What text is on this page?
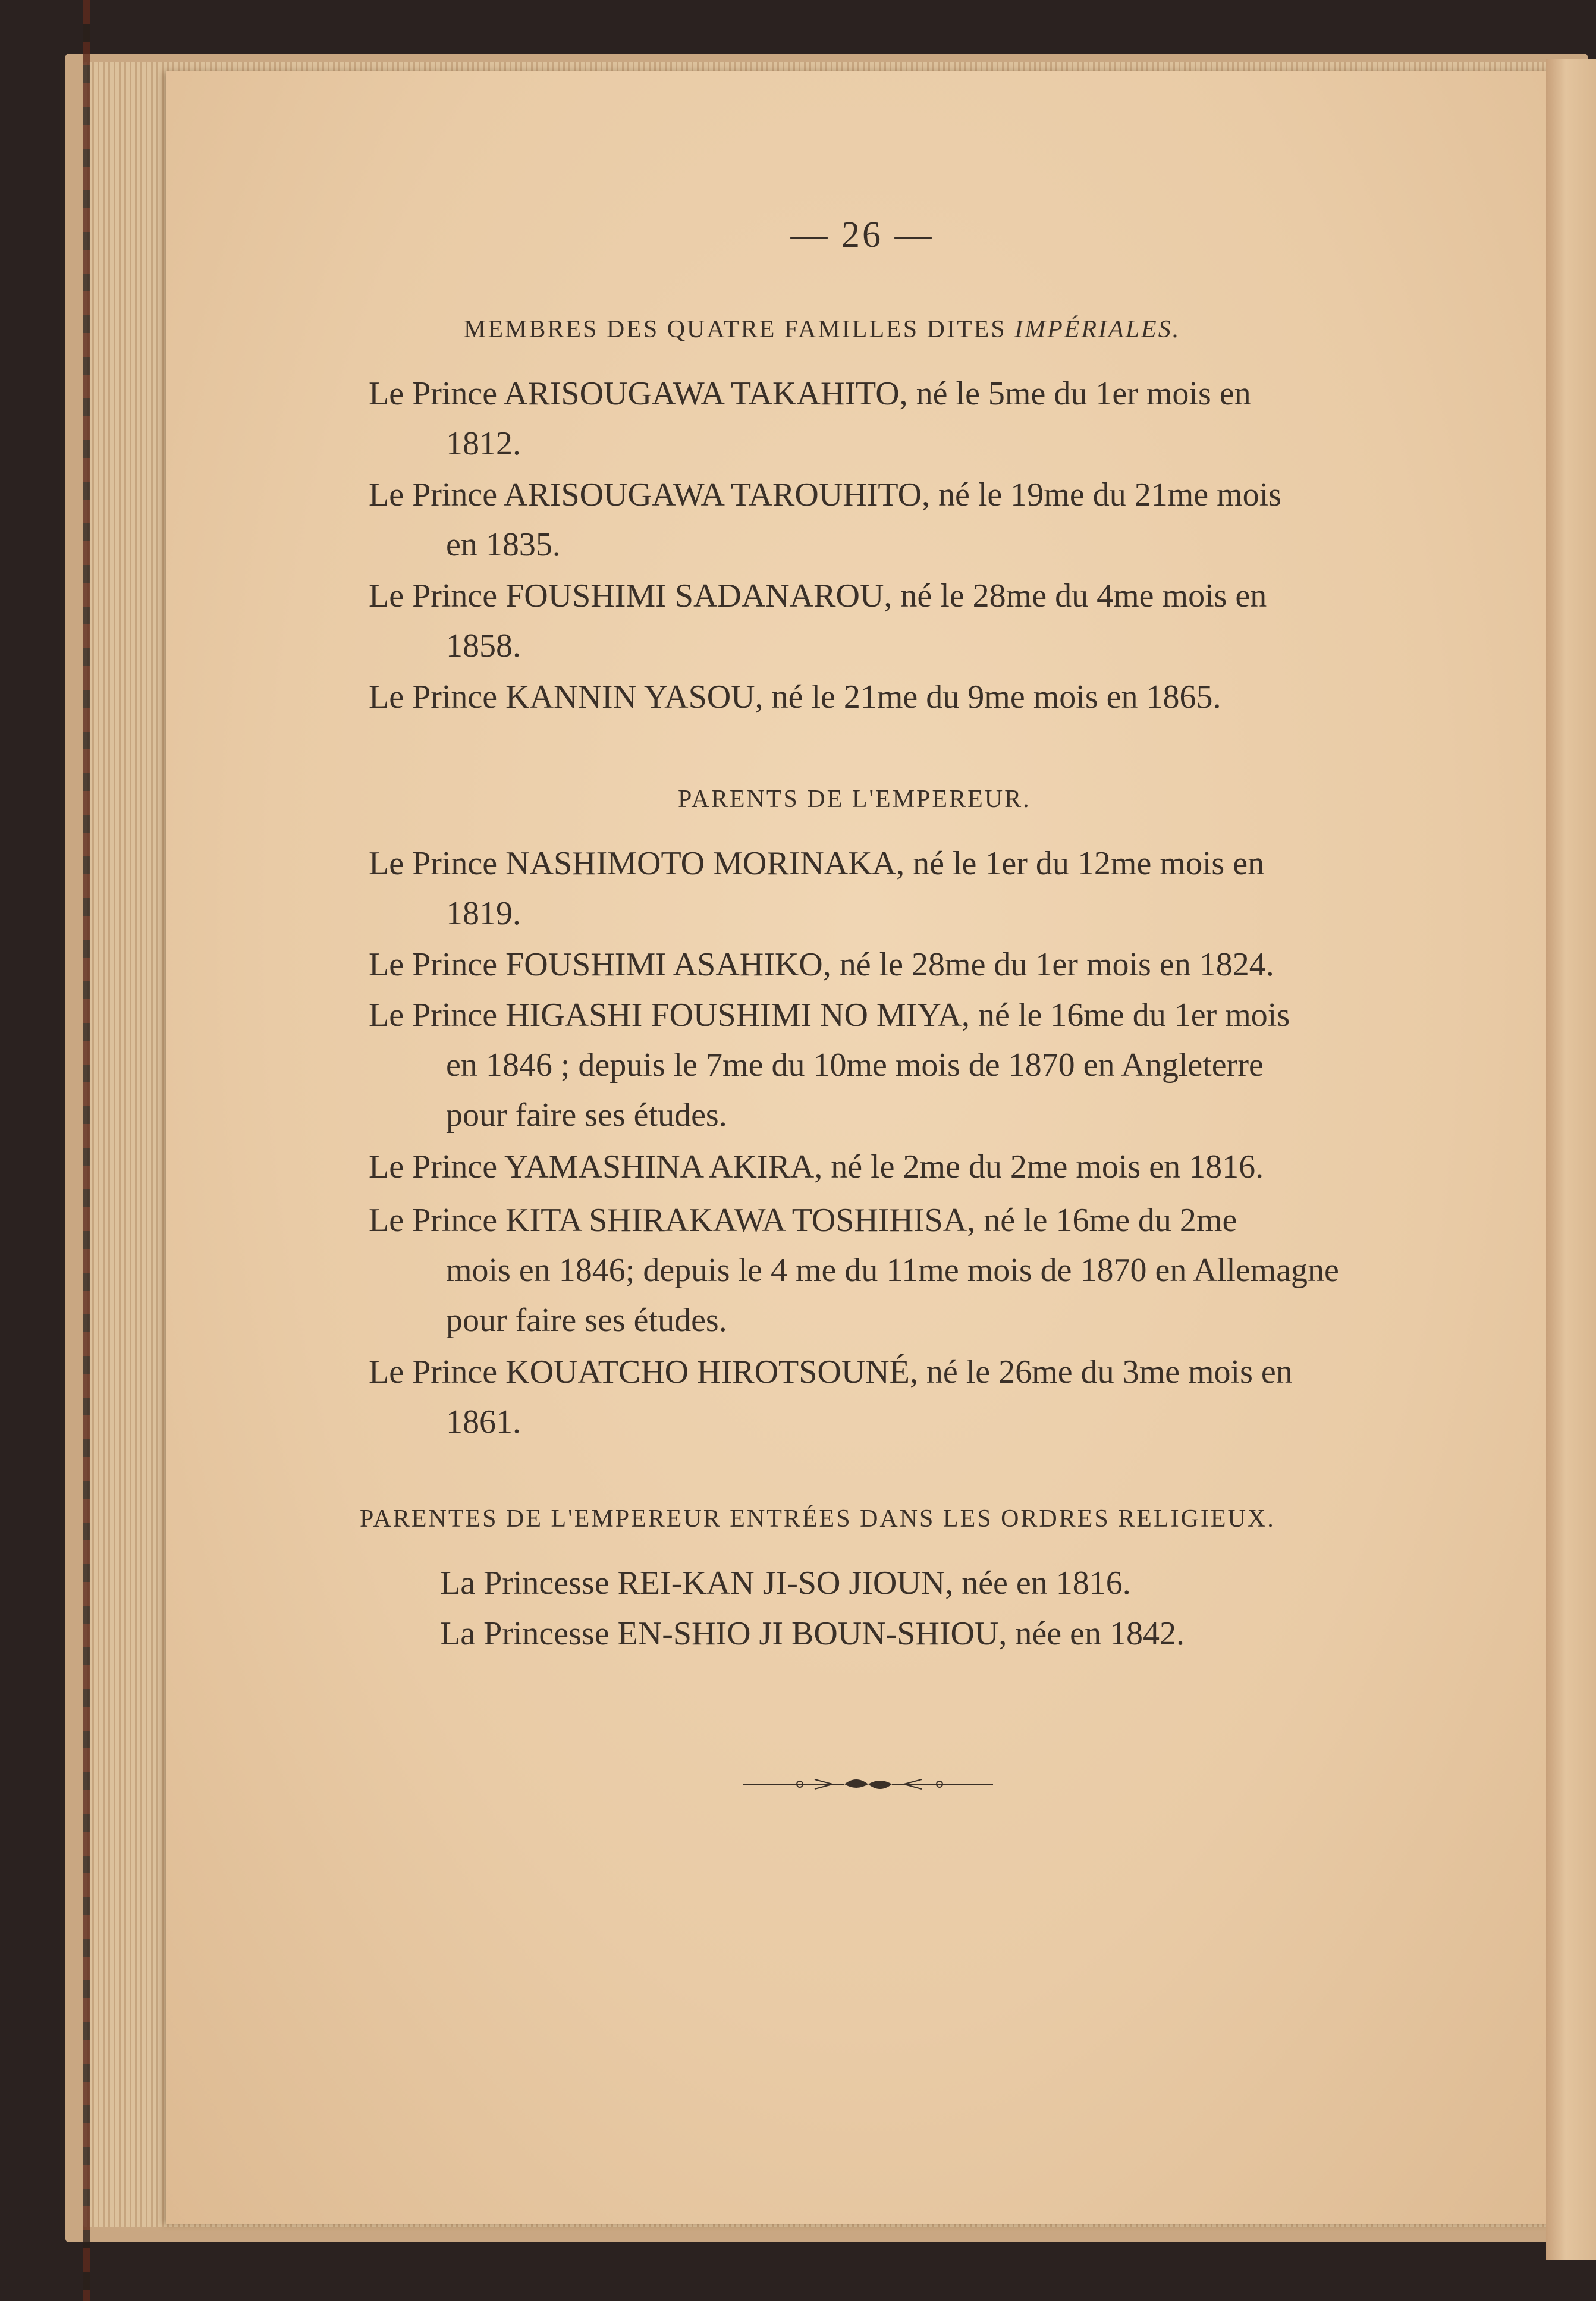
— 26 —
MEMBRES DES QUATRE FAMILLES DITES IMPÉRIALES.
Le Prince ARISOUGAWA TAKAHITO, né le 5me du 1er mois en
1812.
Le Prince ARISOUGAWA TAROUHITO, né le 19me du 21me mois
en 1835.
Le Prince FOUSHIMI SADANAROU, né le 28me du 4me mois en
1858.
Le Prince KANNIN YASOU, né le 21me du 9me mois en 1865.
PARENTS DE L'EMPEREUR.
Le Prince NASHIMOTO MORINAKA, né le 1er du 12me mois en
1819.
Le Prince FOUSHIMI ASAHIKO, né le 28me du 1er mois en 1824.
Le Prince HIGASHI FOUSHIMI NO MIYA, né le 16me du 1er mois
en 1846 ; depuis le 7me du 10me mois de 1870 en Angleterre
pour faire ses études.
Le Prince YAMASHINA AKIRA, né le 2me du 2me mois en 1816.
Le Prince KITA SHIRAKAWA TOSHIHISA, né le 16me du 2me
mois en 1846; depuis le 4 me du 11me mois de 1870 en Allemagne
pour faire ses études.
Le Prince KOUATCHO HIROTSOUNÉ, né le 26me du 3me mois en
1861.
PARENTES DE L'EMPEREUR ENTRÉES DANS LES ORDRES RELIGIEUX.
La Princesse REI-KAN JI-SO JIOUN, née en 1816.
La Princesse EN-SHIO JI BOUN-SHIOU, née en 1842.
